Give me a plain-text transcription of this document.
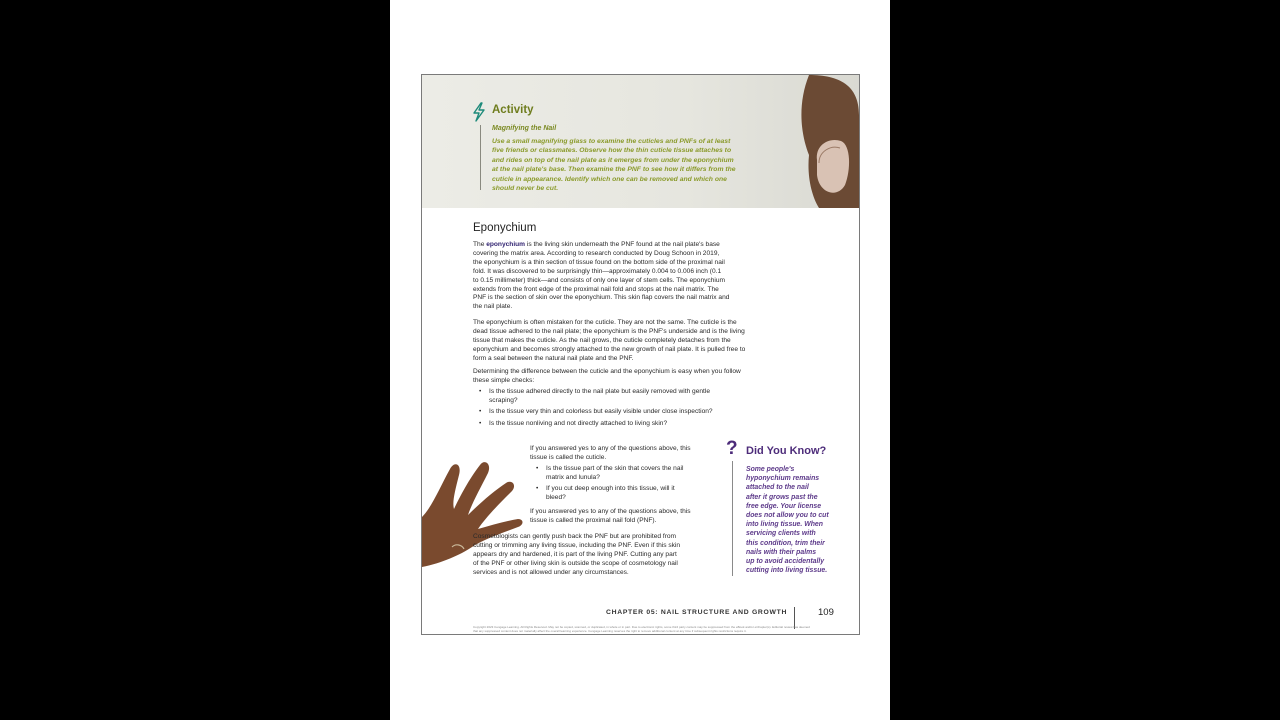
Activity
Magnifying the Nail
Use a small magnifying glass to examine the cuticles and PNFs of at least
five friends or classmates. Observe how the thin cuticle tissue attaches to
and rides on top of the nail plate as it emerges from under the eponychium
at the nail plate's base. Then examine the PNF to see how it differs from the
cuticle in appearance. Identify which one can be removed and which one
should never be cut.
Eponychium
The eponychium is the living skin underneath the PNF found at the nail plate's base
covering the matrix area. According to research conducted by Doug Schoon in 2019,
the eponychium is a thin section of tissue found on the bottom side of the proximal nail
fold. It was discovered to be surprisingly thin—approximately 0.004 to 0.006 inch (0.1
to 0.15 millimeter) thick—and consists of only one layer of stem cells. The eponychium
extends from the front edge of the proximal nail fold and stops at the nail matrix. The
PNF is the section of skin over the eponychium. This skin flap covers the nail matrix and
the nail plate.
The eponychium is often mistaken for the cuticle. They are not the same. The cuticle is the
dead tissue adhered to the nail plate; the eponychium is the PNF's underside and is the living
tissue that makes the cuticle. As the nail grows, the cuticle completely detaches from the
eponychium and becomes strongly attached to the new growth of nail plate. It is pulled free to
form a seal between the natural nail plate and the PNF.
Determining the difference between the cuticle and the eponychium is easy when you follow
these simple checks:
• Is the tissue adhered directly to the nail plate but easily removed with gentle scraping?
• Is the tissue very thin and colorless but easily visible under close inspection?
• Is the tissue nonliving and not directly attached to living skin?
If you answered yes to any of the questions above, this
tissue is called the cuticle.
• Is the tissue part of the skin that covers the nail matrix and lunula?
• If you cut deep enough into this tissue, will it bleed?
If you answered yes to any of the questions above, this
tissue is called the proximal nail fold (PNF).
Cosmetologists can gently push back the PNF but are prohibited from
cutting or trimming any living tissue, including the PNF. Even if this skin
appears dry and hardened, it is part of the living PNF. Cutting any part
of the PNF or other living skin is outside the scope of cosmetology nail
services and is not allowed under any circumstances.
? Did You Know?
Some people's
hyponychium remains
attached to the nail
after it grows past the
free edge. Your license
does not allow you to cut
into living tissue. When
servicing clients with
this condition, trim their
nails with their palms
up to avoid accidentally
cutting into living tissue.
CHAPTER 05: NAIL STRUCTURE AND GROWTH	109
Copyright 2023 Cengage Learning. All Rights Reserved. May not be copied, scanned, or duplicated, in whole or in part. Due to electronic rights, some third party content may be suppressed from the eBook and/or eChapter(s). Editorial review has deemed that any suppressed content does not materially affect the overall learning experience. Cengage Learning reserves the right to remove additional content at any time if subsequent rights restrictions require it.
